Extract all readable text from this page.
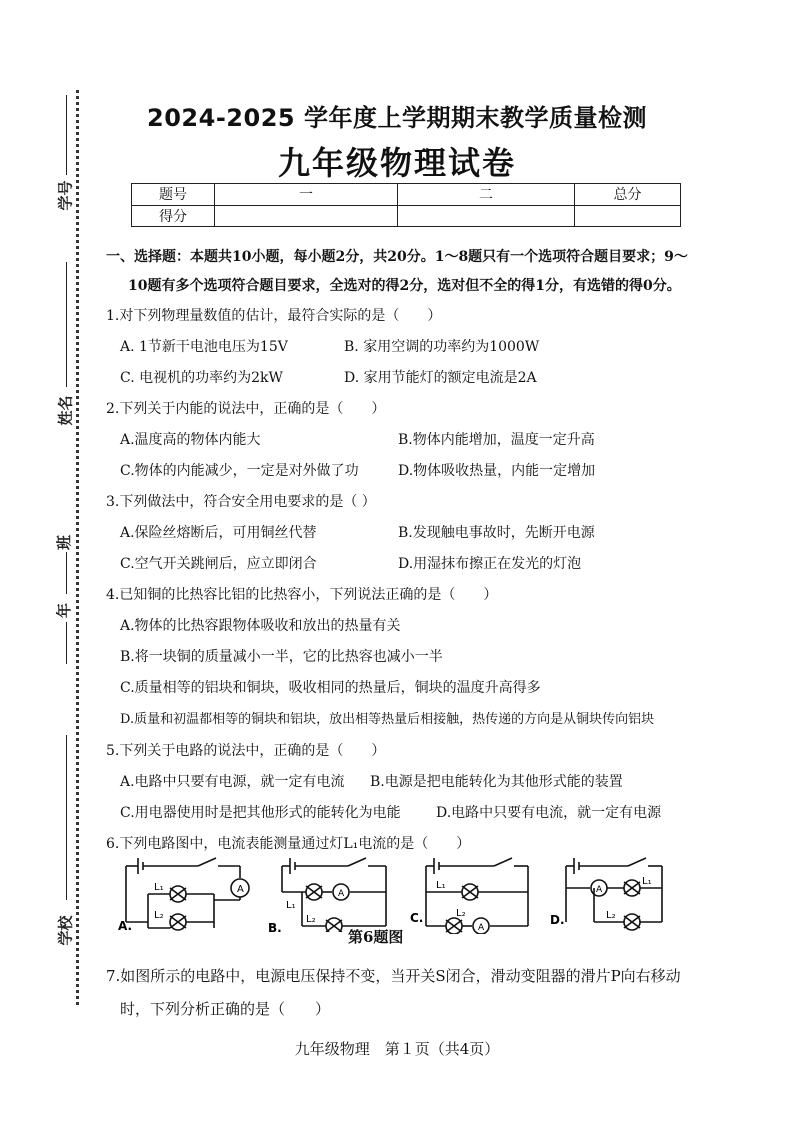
学号
姓名
班
年
学校
2024-2025 学年度上学期期末教学质量检测
九年级物理试卷
题号	一	二	总分
得分			
一、选择题：本题共10小题，每小题2分，共20分。1～8题只有一个选项符合题目要求；9～
10题有多个选项符合题目要求，全选对的得2分，选对但不全的得1分，有选错的得0分。
1.对下列物理量数值的估计，最符合实际的是（　　）
A. 1节新干电池电压为15V	B. 家用空调的功率约为1000W
C. 电视机的功率约为2kW	D. 家用节能灯的额定电流是2A
2.下列关于内能的说法中，正确的是（　　）
A.温度高的物体内能大	B.物体内能增加，温度一定升高
C.物体的内能减少，一定是对外做了功	D.物体吸收热量，内能一定增加
3.下列做法中，符合安全用电要求的是（ ）
A.保险丝熔断后，可用铜丝代替	B.发现触电事故时，先断开电源
C.空气开关跳闸后，应立即闭合	D.用湿抹布擦正在发光的灯泡
4.已知铜的比热容比铝的比热容小，下列说法正确的是（　　）
A.物体的比热容跟物体吸收和放出的热量有关
B.将一块铜的质量减小一半，它的比热容也减小一半
C.质量相等的铝块和铜块，吸收相同的热量后，铜块的温度升高得多
D.质量和初温都相等的铜块和铝块，放出相等热量后相接触，热传递的方向是从铜块传向铝块
5.下列关于电路的说法中，正确的是（　　）
A.电路中只要有电源，就一定有电流 B.电源是把电能转化为其他形式能的装置
C.用电器使用时是把其他形式的能转化为电能	D.电路中只要有电流，就一定有电源
6.下列电路图中，电流表能测量通过灯L₁电流的是（　　）
A
L₁
L₂
A.
A
L₁
L₂
B.
L₁
L₂
A
C.
A
L₁
L₂
D.
第6题图
7.如图所示的电路中，电源电压保持不变，当开关S闭合，滑动变阻器的滑片P向右移动
时，下列分析正确的是（　　）
九年级物理　第１页（共4页）
